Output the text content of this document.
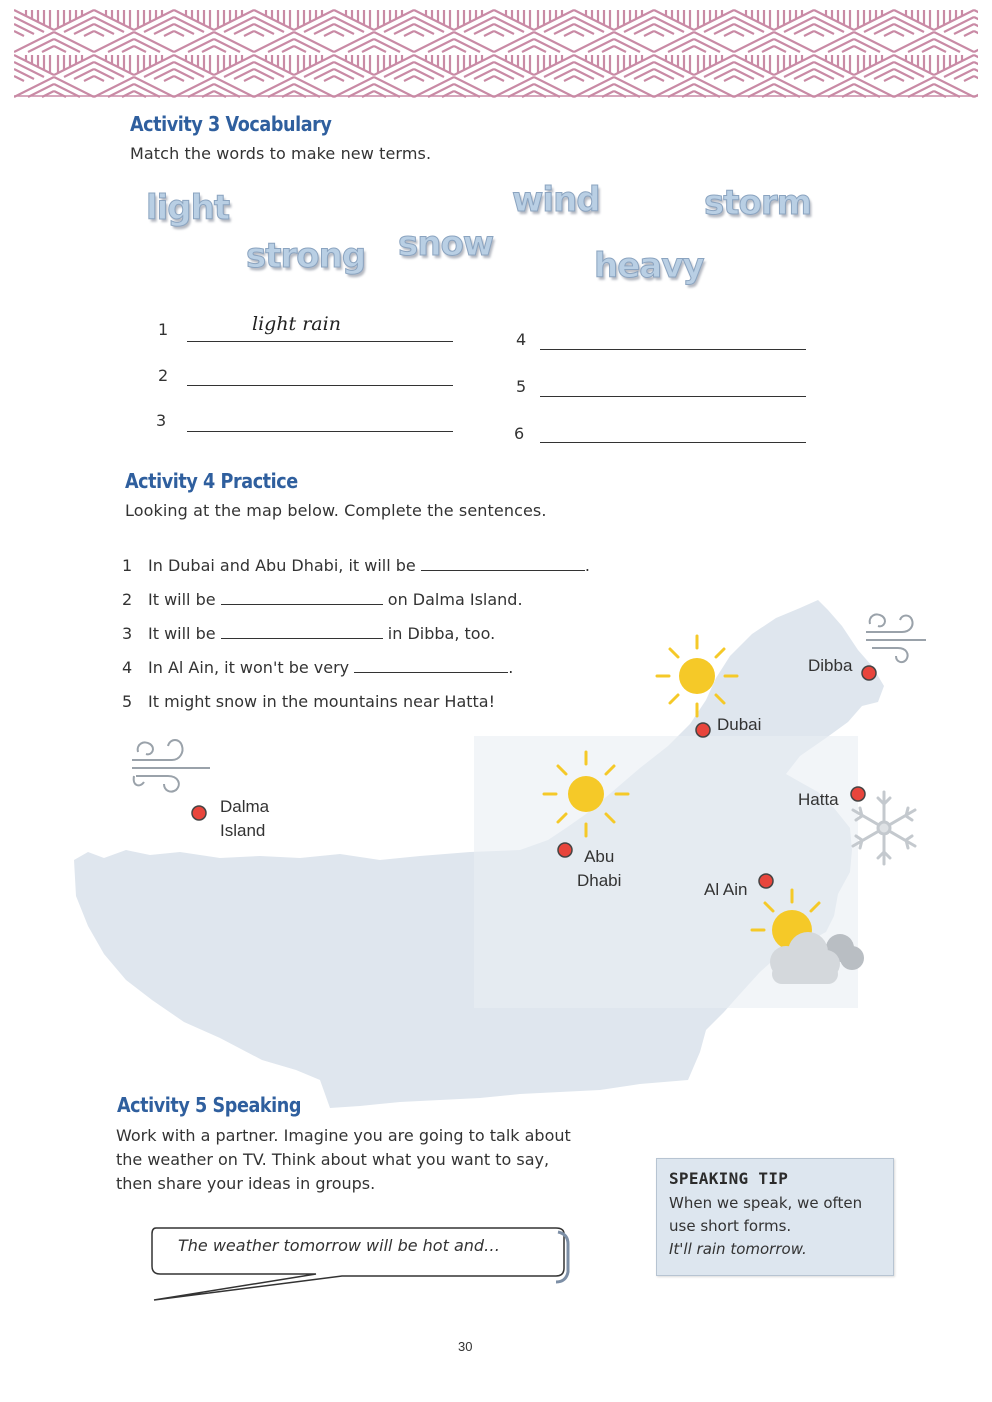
Activity 3 Vocabulary
Match the words to make new terms.
light	wind	storm
strong snow
heavy
1	light rain
2
3
4
5
6
Dibba
Dubai
Hatta
Dalma
Island
Abu
Dhabi	Al Ain
Activity 4 Practice
Looking at the map below. Complete the sentences.
1 In Dubai and Abu Dhabi, it will be	.
2 It will be	on Dalma Island.
3 It will be	in Dibba, too.
4 In Al Ain, it won't be very	.
5 It might snow in the mountains near Hatta!
Activity 5 Speaking
Work with a partner. Imagine you are going to talk about
the weather on TV. Think about what you want to say,
then share your ideas in groups.
The weather tomorrow will be hot and…
SPEAKING TIP
When we speak, we often
use short forms.
It'll rain tomorrow.
30
